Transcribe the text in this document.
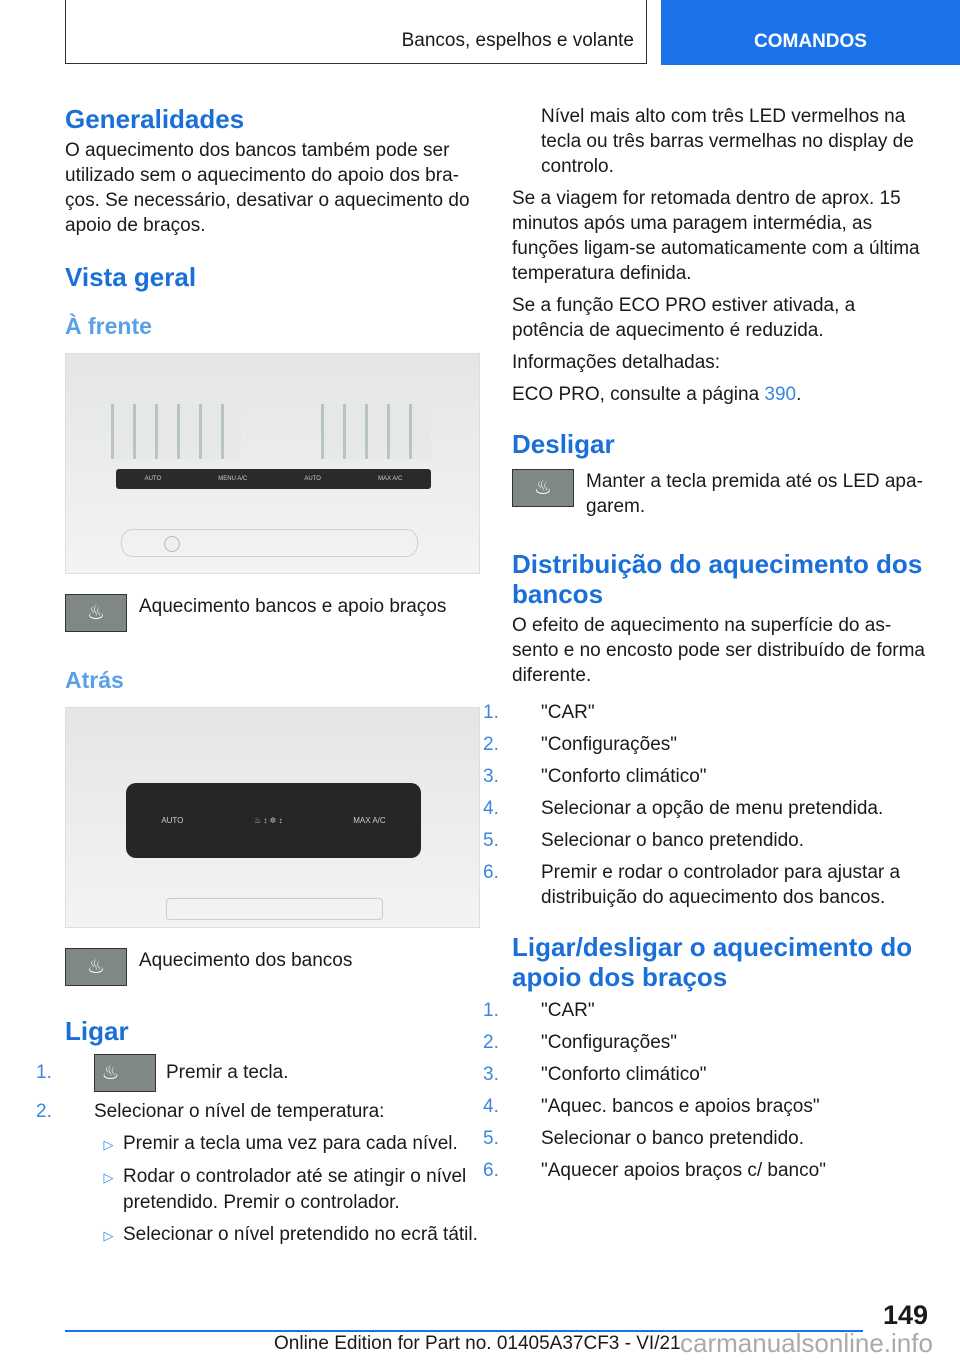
Bancos, espelhos e volante	COMANDOS
Generalidades

O aquecimento dos bancos também pode ser utilizado sem o aquecimento do apoio dos bra-ços. Se necessário, desativar o aquecimento do apoio de braços.

Vista geral
À frente
AUTO	MENU A/C	AUTO	MAX A/C
♨	Aquecimento bancos e apoio braços
Atrás
AUTO	♨ ↕ ✲ ↕	MAX A/C
♨	Aquecimento dos bancos
Ligar
1. ♨ Premir a tecla.
2. Selecionar o nível de temperatura:
▷ Premir a tecla uma vez para cada nível.
▷ Rodar o controlador até se atingir o nível pretendido. Premir o controlador.
▷ Selecionar o nível pretendido no ecrã tátil.

Nível mais alto com três LED vermelhos na tecla ou três barras vermelhas no display de controlo.

Se a viagem for retomada dentro de aprox. 15 minutos após uma paragem intermédia, as funções ligam-se automaticamente com a última temperatura definida.

Se a função ECO PRO estiver ativada, a potência de aquecimento é reduzida.

Informações detalhadas:

ECO PRO, consulte a página 390.

Desligar
♨	Manter a tecla premida até os LED apa-garem.
Distribuição do aquecimento dos bancos

O efeito de aquecimento na superfície do as-sento e no encosto pode ser distribuído de forma diferente.

1. "CAR"
2. "Configurações"
3. "Conforto climático"
4. Selecionar a opção de menu pretendida.
5. Selecionar o banco pretendido.
6. Premir e rodar o controlador para ajustar a distribuição do aquecimento dos bancos.
Ligar/desligar o aquecimento do apoio dos braços
1. "CAR"
2. "Configurações"
3. "Conforto climático"
4. "Aquec. bancos e apoios braços"
5. Selecionar o banco pretendido.
6. "Aquecer apoios braços c/ banco"
149
Online Edition for Part no. 01405A37CF3 - VI/21 carmanualsonline.info
